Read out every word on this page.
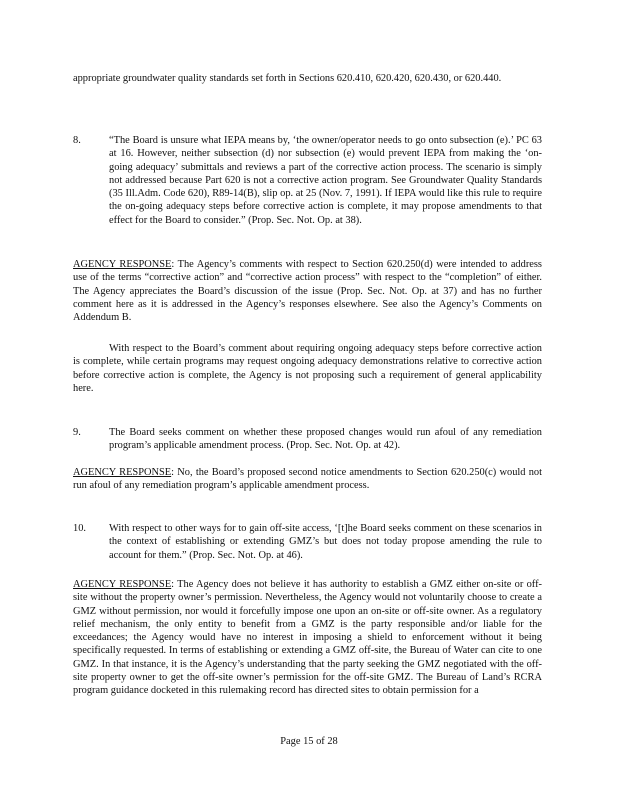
appropriate groundwater quality standards set forth in Sections 620.410, 620.420, 620.430, or 620.440.

8.	“The Board is unsure what IEPA means by, ‘the owner/operator needs to go onto subsection (e).’ PC 63 at 16. However, neither subsection (d) nor subsection (e) would prevent IEPA from making the ‘on-going adequacy’ submittals and reviews a part of the corrective action process. The scenario is simply not addressed because Part 620 is not a corrective action program. See Groundwater Quality Standards (35 Ill.Adm. Code 620), R89-14(B), slip op. at 25 (Nov. 7, 1991). If IEPA would like this rule to require the on-going adequacy steps before corrective action is complete, it may propose amendments to that effect for the Board to consider.” (Prop. Sec. Not. Op. at 38).

AGENCY RESPONSE: The Agency’s comments with respect to Section 620.250(d) were intended to address use of the terms “corrective action” and “corrective action process” with respect to the “completion” of either. The Agency appreciates the Board’s discussion of the issue (Prop. Sec. Not. Op. at 37) and has no further comment here as it is addressed in the Agency’s responses elsewhere. See also the Agency’s Comments on Addendum B.

With respect to the Board’s comment about requiring ongoing adequacy steps before corrective action is complete, while certain programs may request ongoing adequacy demonstrations relative to corrective action before corrective action is complete, the Agency is not proposing such a requirement of general applicability here.

9.	The Board seeks comment on whether these proposed changes would run afoul of any remediation program’s applicable amendment process. (Prop. Sec. Not. Op. at 42).

AGENCY RESPONSE: No, the Board’s proposed second notice amendments to Section 620.250(c) would not run afoul of any remediation program’s applicable amendment process.

10.	With respect to other ways for to gain off-site access, ‘[t]he Board seeks comment on these scenarios in the context of establishing or extending GMZ’s but does not today propose amending the rule to account for them.” (Prop. Sec. Not. Op. at 46).

AGENCY RESPONSE: The Agency does not believe it has authority to establish a GMZ either on-site or off-site without the property owner’s permission. Nevertheless, the Agency would not voluntarily choose to create a GMZ without permission, nor would it forcefully impose one upon an on-site or off-site owner. As a regulatory relief mechanism, the only entity to benefit from a GMZ is the party responsible and/or liable for the exceedances; the Agency would have no interest in imposing a shield to enforcement without it being specifically requested. In terms of establishing or extending a GMZ off-site, the Bureau of Water can cite to one GMZ. In that instance, it is the Agency’s understanding that the party seeking the GMZ negotiated with the off-site property owner to get the off-site owner’s permission for the off-site GMZ. The Bureau of Land’s RCRA program guidance docketed in this rulemaking record has directed sites to obtain permission for a

Page 15 of 28
